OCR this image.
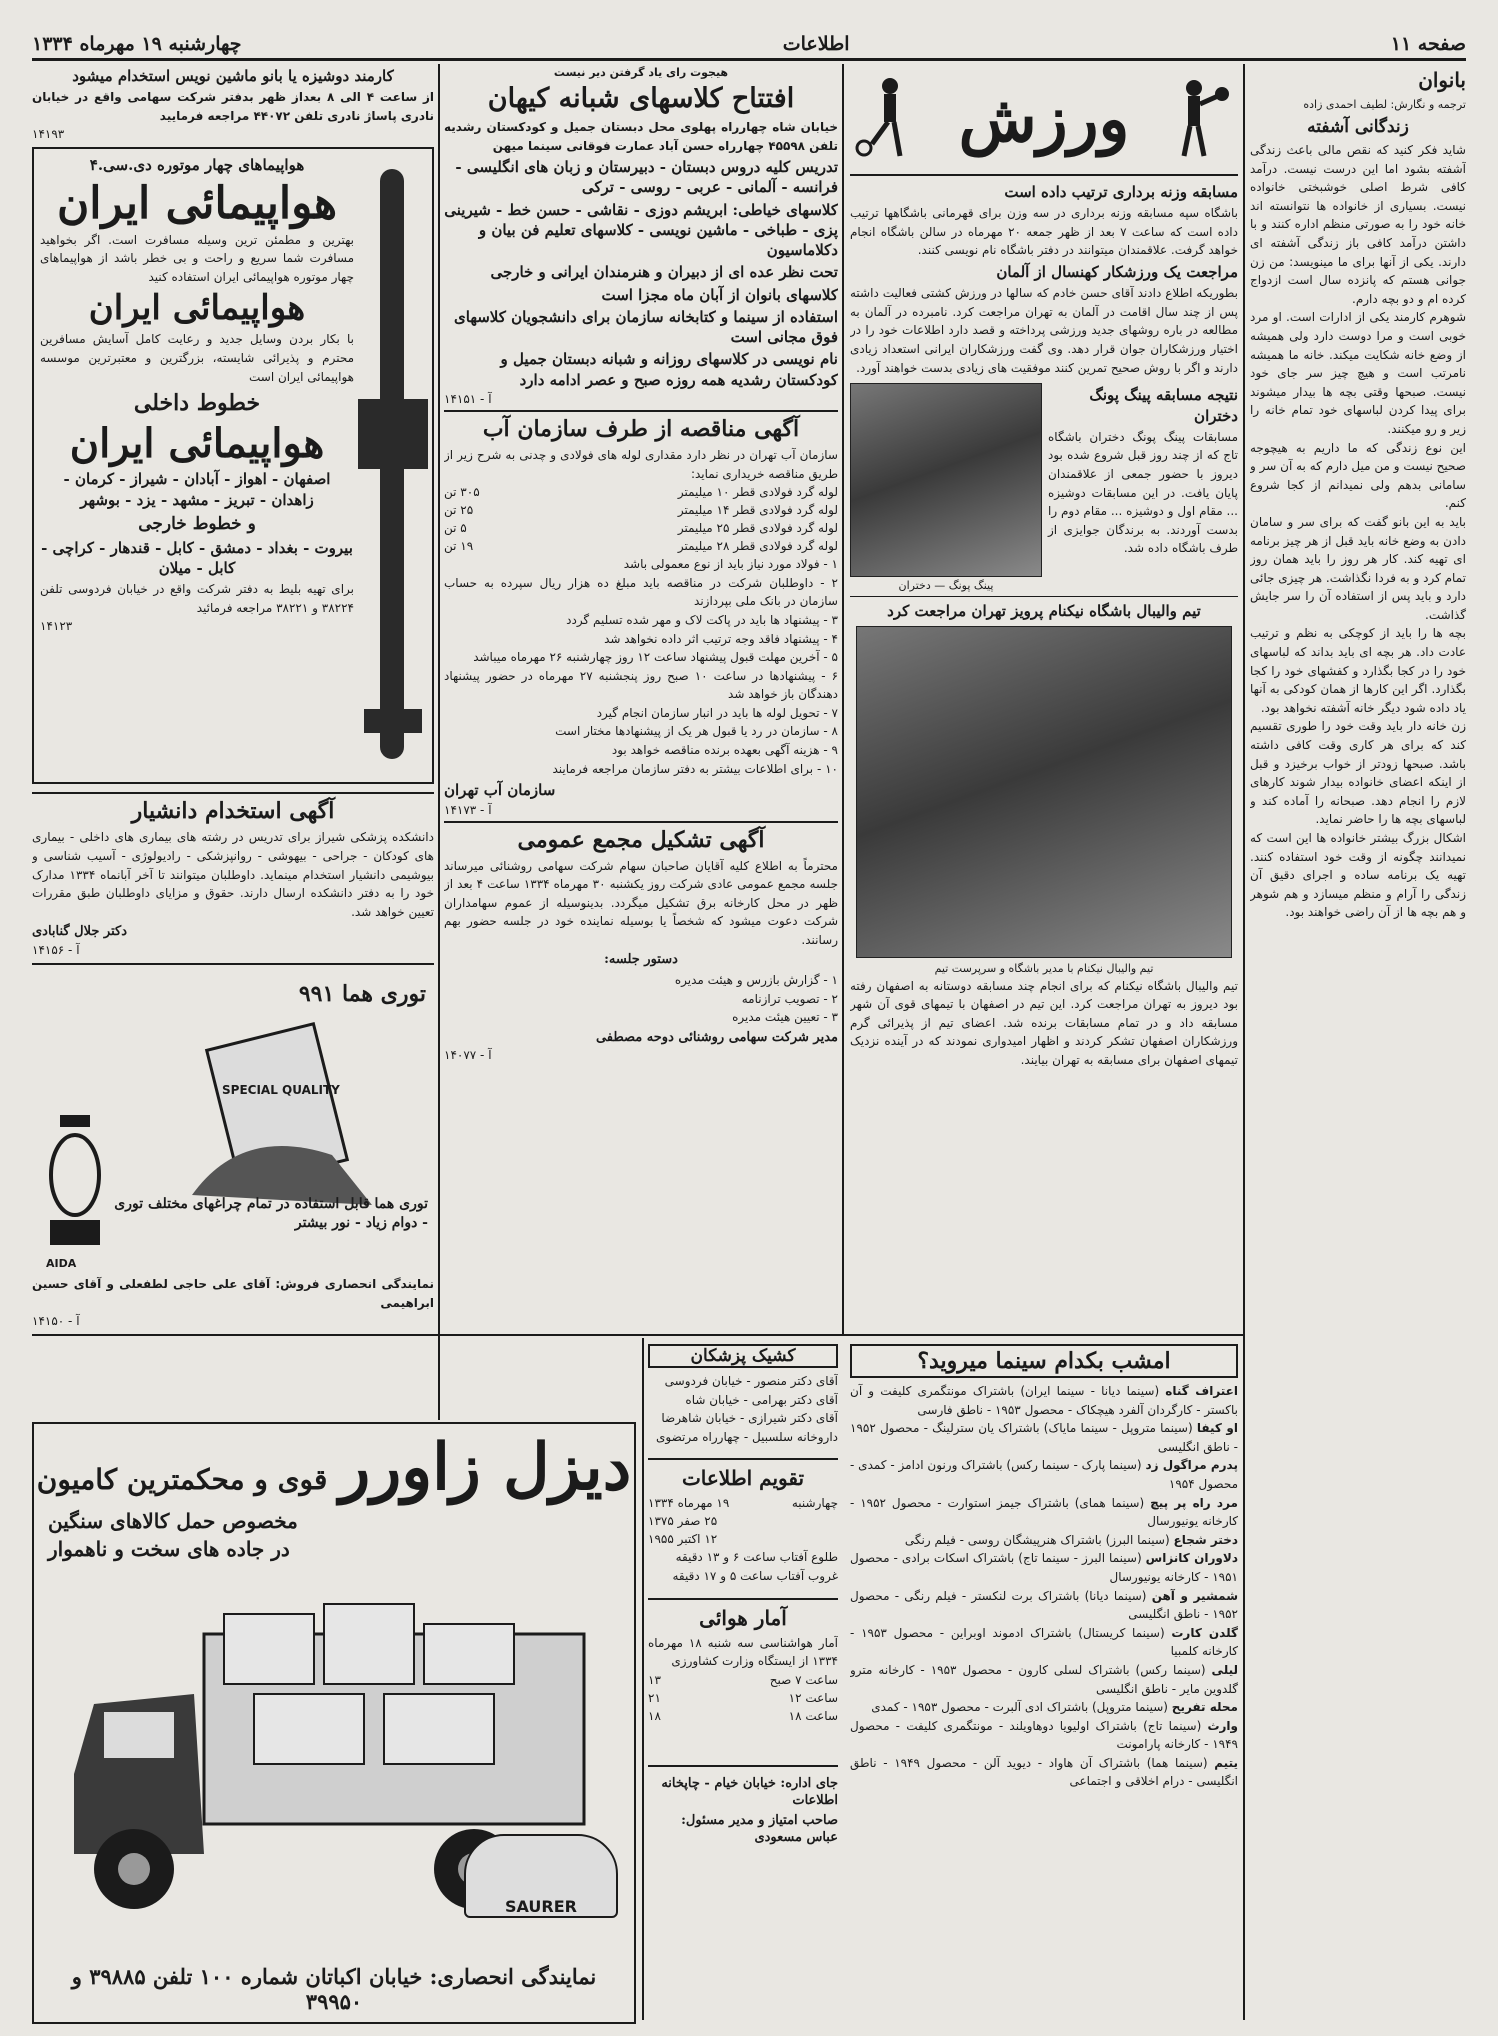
صفحه ۱۱
اطلاعات
چهارشنبه ۱۹ مهرماه ۱۳۳۴
بانوان

ترجمه و نگارش: لطیف احمدی زاده

زندگانی آشفته

شاید فکر کنید که نقص مالی باعث زندگی آشفته بشود اما این درست نیست. درآمد کافی شرط اصلی خوشبختی خانواده نیست. بسیاری از خانواده ها نتوانسته اند خانه خود را به صورتی منظم اداره کنند و با داشتن درآمد کافی باز زندگی آشفته ای دارند. یکی از آنها برای ما مینویسد: من زن جوانی هستم که پانزده سال است ازدواج کرده ام و دو بچه دارم.

شوهرم کارمند یکی از ادارات است. او مرد خوبی است و مرا دوست دارد ولی همیشه از وضع خانه شکایت میکند. خانه ما همیشه نامرتب است و هیچ چیز سر جای خود نیست. صبحها وقتی بچه ها بیدار میشوند برای پیدا کردن لباسهای خود تمام خانه را زیر و رو میکنند.

این نوع زندگی که ما داریم به هیچوجه صحیح نیست و من میل دارم که به آن سر و سامانی بدهم ولی نمیدانم از کجا شروع کنم.

باید به این بانو گفت که برای سر و سامان دادن به وضع خانه باید قبل از هر چیز برنامه ای تهیه کند. کار هر روز را باید همان روز تمام کرد و به فردا نگذاشت. هر چیزی جائی دارد و باید پس از استفاده آن را سر جایش گذاشت.

بچه ها را باید از کوچکی به نظم و ترتیب عادت داد. هر بچه ای باید بداند که لباسهای خود را در کجا بگذارد و کفشهای خود را کجا بگذارد. اگر این کارها از همان کودکی به آنها یاد داده شود دیگر خانه آشفته نخواهد بود.

زن خانه دار باید وقت خود را طوری تقسیم کند که برای هر کاری وقت کافی داشته باشد. صبحها زودتر از خواب برخیزد و قبل از اینکه اعضای خانواده بیدار شوند کارهای لازم را انجام دهد. صبحانه را آماده کند و لباسهای بچه ها را حاضر نماید.

اشکال بزرگ بیشتر خانواده ها این است که نمیدانند چگونه از وقت خود استفاده کنند. تهیه یک برنامه ساده و اجرای دقیق آن زندگی را آرام و منظم میسازد و هم شوهر و هم بچه ها از آن راضی خواهند بود.

ورزش
مسابقه وزنه برداری ترتیب داده است

باشگاه سپه مسابقه وزنه برداری در سه وزن برای قهرمانی باشگاهها ترتیب داده است که ساعت ۷ بعد از ظهر جمعه ۲۰ مهرماه در سالن باشگاه انجام خواهد گرفت. علاقمندان میتوانند در دفتر باشگاه نام نویسی کنند.

مراجعت یک ورزشکار کهنسال از آلمان

بطوریکه اطلاع دادند آقای حسن خادم که سالها در ورزش کشتی فعالیت داشته پس از چند سال اقامت در آلمان به تهران مراجعت کرد. نامبرده در آلمان به مطالعه در باره روشهای جدید ورزشی پرداخته و قصد دارد اطلاعات خود را در اختیار ورزشکاران جوان قرار دهد. وی گفت ورزشکاران ایرانی استعداد زیادی دارند و اگر با روش صحیح تمرین کنند موفقیت های زیادی بدست خواهند آورد.

نتیجه مسابقه پینگ پونگ دختران

مسابقات پینگ پونگ دختران باشگاه تاج که از چند روز قبل شروع شده بود دیروز با حضور جمعی از علاقمندان پایان یافت. در این مسابقات دوشیزه ... مقام اول و دوشیزه ... مقام دوم را بدست آوردند. به برندگان جوایزی از طرف باشگاه داده شد.

پینگ پونگ — دختران
تیم والیبال باشگاه نیکنام پرویز تهران مراجعت کرد
تیم والیبال نیکنام با مدیر باشگاه و سرپرست تیم

تیم والیبال باشگاه نیکنام که برای انجام چند مسابقه دوستانه به اصفهان رفته بود دیروز به تهران مراجعت کرد. این تیم در اصفهان با تیمهای قوی آن شهر مسابقه داد و در تمام مسابقات برنده شد. اعضای تیم از پذیرائی گرم ورزشکاران اصفهان تشکر کردند و اظهار امیدواری نمودند که در آینده نزدیک تیمهای اصفهان برای مسابقه به تهران بیایند.

هیجوت رای یاد گرفتن دیر نیست
افتتاح کلاسهای شبانه کیهان

خیابان شاه چهارراه پهلوی محل دبستان جمیل و کودکستان رشدیه تلفن ۴۵۵۹۸ چهارراه حسن آباد عمارت فوقانی سینما میهن

تدریس کلیه دروس دبستان - دبیرستان و زبان های انگلیسی - فرانسه - آلمانی - عربی - روسی - ترکی

کلاسهای خیاطی: ابریشم دوزی - نقاشی - حسن خط - شیرینی پزی - طباخی - ماشین نویسی - کلاسهای تعلیم فن بیان و دکلاماسیون

تحت نظر عده ای از دبیران و هنرمندان ایرانی و خارجی

کلاسهای بانوان از آبان ماه مجزا است

استفاده از سینما و کتابخانه سازمان برای دانشجویان کلاسهای فوق مجانی است

نام نویسی در کلاسهای روزانه و شبانه دبستان جمیل و کودکستان رشدیه همه روزه صبح و عصر ادامه دارد

آ - ۱۴۱۵۱
آگهی مناقصه از طرف سازمان آب

سازمان آب تهران در نظر دارد مقداری لوله های فولادی و چدنی به شرح زیر از طریق مناقصه خریداری نماید:

لوله گرد فولادی قطر ۱۰ میلیمتر
۳۰۵ تن
لوله گرد فولادی قطر ۱۴ میلیمتر
۲۵ تن
لوله گرد فولادی قطر ۲۵ میلیمتر
۵ تن
لوله گرد فولادی قطر ۲۸ میلیمتر
۱۹ تن

۱ - فولاد مورد نیاز باید از نوع معمولی باشد

۲ - داوطلبان شرکت در مناقصه باید مبلغ ده هزار ریال سپرده به حساب سازمان در بانک ملی بپردازند

۳ - پیشنهاد ها باید در پاکت لاک و مهر شده تسلیم گردد

۴ - پیشنهاد فاقد وجه ترتیب اثر داده نخواهد شد

۵ - آخرین مهلت قبول پیشنهاد ساعت ۱۲ روز چهارشنبه ۲۶ مهرماه میباشد

۶ - پیشنهادها در ساعت ۱۰ صبح روز پنجشنبه ۲۷ مهرماه در حضور پیشنهاد دهندگان باز خواهد شد

۷ - تحویل لوله ها باید در انبار سازمان انجام گیرد

۸ - سازمان در رد یا قبول هر یک از پیشنهادها مختار است

۹ - هزینه آگهی بعهده برنده مناقصه خواهد بود

۱۰ - برای اطلاعات بیشتر به دفتر سازمان مراجعه فرمایند

سازمان آب تهران
آ - ۱۴۱۷۳
آگهی تشکیل مجمع عمومی

محترماً به اطلاع کلیه آقایان صاحبان سهام شرکت سهامی روشنائی میرساند جلسه مجمع عمومی عادی شرکت روز یکشنبه ۳۰ مهرماه ۱۳۳۴ ساعت ۴ بعد از ظهر در محل کارخانه برق تشکیل میگردد. بدینوسیله از عموم سهامداران شرکت دعوت میشود که شخصاً یا بوسیله نماینده خود در جلسه حضور بهم رسانند.

دستور جلسه:

۱ - گزارش بازرس و هیئت مدیره

۲ - تصویب ترازنامه

۳ - تعیین هیئت مدیره

مدیر شرکت سهامی روشنائی دوحه مصطفی
آ - ۱۴۰۷۷
کارمند دوشیزه یا بانو ماشین نویس استخدام میشود

از ساعت ۴ الی ۸ بعداز ظهر بدفتر شرکت سهامی واقع در خیابان نادری پاساژ نادری تلفن ۴۴۰۷۲ مراجعه فرمایید

۱۴۱۹۳
هواپیماهای چهار موتوره دی.سی.۴
هواپیمائی ایران

بهترین و مطمئن ترین وسیله مسافرت است. اگر بخواهید مسافرت شما سریع و راحت و بی خطر باشد از هواپیماهای چهار موتوره هواپیمائی ایران استفاده کنید

هواپیمائی ایران

با بکار بردن وسایل جدید و رعایت کامل آسایش مسافرین محترم و پذیرائی شایسته، بزرگترین و معتبرترین موسسه هواپیمائی ایران است

خطوط داخلی
هواپیمائی ایران

اصفهان - اهواز - آبادان - شیراز - کرمان - زاهدان - تبریز - مشهد - یزد - بوشهر

و خطوط خارجی

بیروت - بغداد - دمشق - کابل - قندهار - کراچی - کابل - میلان

برای تهیه بلیط به دفتر شرکت واقع در خیابان فردوسی تلفن ۳۸۲۲۴ و ۳۸۲۲۱ مراجعه فرمائید

۱۴۱۲۳
آگهی استخدام دانشیار

دانشکده پزشکی شیراز برای تدریس در رشته های بیماری های داخلی - بیماری های کودکان - جراحی - بیهوشی - روانپزشکی - رادیولوژی - آسیب شناسی و بیوشیمی دانشیار استخدام مینماید. داوطلبان میتوانند تا آخر آبانماه ۱۳۳۴ مدارک خود را به دفتر دانشکده ارسال دارند. حقوق و مزایای داوطلبان طبق مقررات تعیین خواهد شد.

دکتر جلال گنابادی
آ - ۱۴۱۵۶
توری هما ۹۹۱
SPECIAL QUALITY
AIDA

توری هما قابل استفاده در تمام چراغهای مختلف توری - دوام زیاد - نور بیشتر

نمایندگی انحصاری فروش: آقای علی حاجی لطفعلی و آقای حسین ابراهیمی

آ - ۱۴۱۵۰
امشب بکدام سینما میروید؟

اعتراف گناه (سینما دیانا - سینما ایران) باشتراک مونتگمری کلیفت و آن باکستر - کارگردان آلفرد هیچکاک - محصول ۱۹۵۳ - ناطق فارسی

او کیفا (سینما متروپل - سینما مایاک) باشتراک یان سترلینگ - محصول ۱۹۵۲ - ناطق انگلیسی

پدرم مراگول زد (سینما پارک - سینما رکس) باشتراک ورنون ادامز - کمدی - محصول ۱۹۵۴

مرد راه پر پیچ (سینما همای) باشتراک جیمز استوارت - محصول ۱۹۵۲ - کارخانه یونیورسال

دختر شجاع (سینما البرز) باشتراک هنرپیشگان روسی - فیلم رنگی

دلاوران کانزاس (سینما البرز - سینما تاج) باشتراک اسکات برادی - محصول ۱۹۵۱ - کارخانه یونیورسال

شمشیر و آهن (سینما دیانا) باشتراک برت لنکستر - فیلم رنگی - محصول ۱۹۵۲ - ناطق انگلیسی

گلدن کارت (سینما کریستال) باشتراک ادموند اوبراین - محصول ۱۹۵۳ - کارخانه کلمبیا

لیلی (سینما رکس) باشتراک لسلی کارون - محصول ۱۹۵۳ - کارخانه مترو گلدوین مایر - ناطق انگلیسی

محله تفریح (سینما متروپل) باشتراک ادی آلبرت - محصول ۱۹۵۳ - کمدی

وارث (سینما تاج) باشتراک اولیویا دوهاویلند - مونتگمری کلیفت - محصول ۱۹۴۹ - کارخانه پارامونت

یتیم (سینما هما) باشتراک آن هاواد - دیوید آلن - محصول ۱۹۴۹ - ناطق انگلیسی - درام اخلاقی و اجتماعی

کشیک پزشکان

آقای دکتر منصور - خیابان فردوسی

آقای دکتر بهرامی - خیابان شاه

آقای دکتر شیرازی - خیابان شاهرضا

داروخانه سلسبیل - چهارراه مرتضوی

تقویم اطلاعات
چهارشنبه
۱۹ مهرماه ۱۳۳۴
۲۵ صفر ۱۳۷۵
۱۲ اکتبر ۱۹۵۵

طلوع آفتاب ساعت ۶ و ۱۳ دقیقه

غروب آفتاب ساعت ۵ و ۱۷ دقیقه

آمار هوائی

آمار هواشناسی سه شنبه ۱۸ مهرماه ۱۳۳۴ از ایستگاه وزارت کشاورزی

ساعت ۷ صبح
۱۳
ساعت ۱۲
۲۱
ساعت ۱۸
۱۸

جای اداره: خیابان خیام - چاپخانه اطلاعات

صاحب امتیاز و مدیر مسئول: عباس مسعودی

دیزل زاورر
قوی و محکمترین کامیون
مخصوص حمل کالاهای سنگین
در جاده های سخت و ناهموار
SAURER
نمایندگی انحصاری: خیابان اکباتان شماره ۱۰۰ تلفن ۳۹۸۸۵ و ۳۹۹۵۰
